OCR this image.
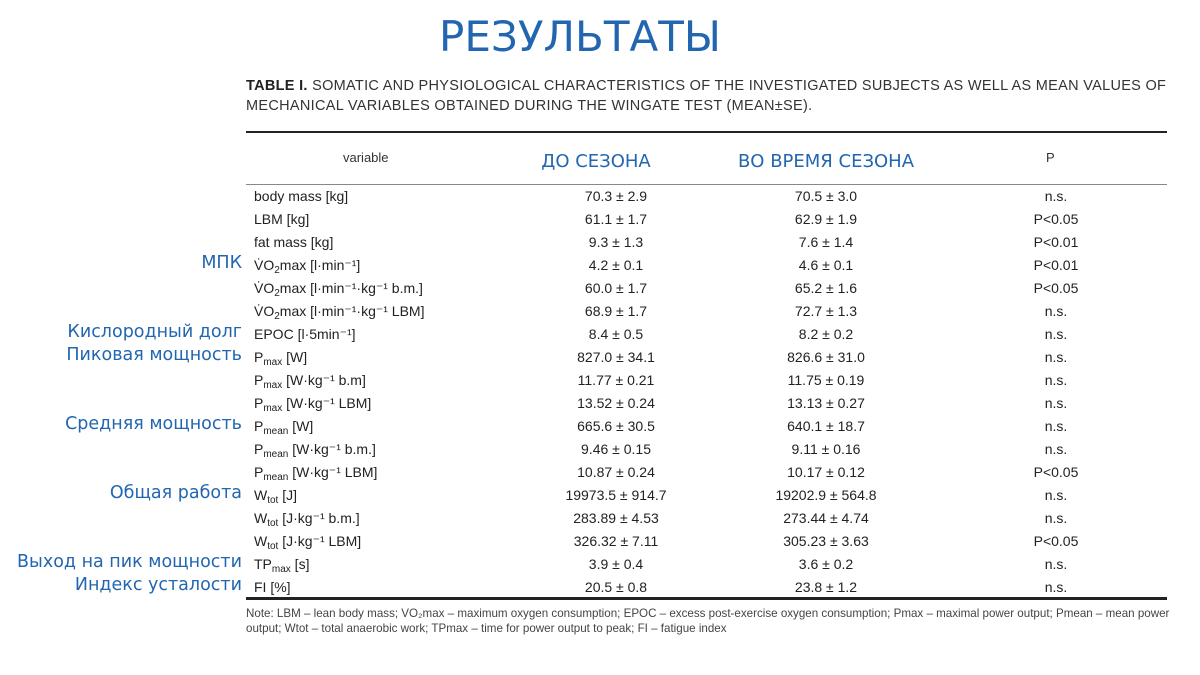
РЕЗУЛЬТАТЫ
TABLE I. SOMATIC AND PHYSIOLOGICAL CHARACTERISTICS OF THE INVESTIGATED SUBJECTS AS WELL AS MEAN VALUES OF MECHANICAL VARIABLES OBTAINED DURING THE WINGATE TEST (MEAN±SE).
variable	ДО СЕЗОНА	ВО ВРЕМЯ СЕЗОНА	P
body mass [kg]	70.3 ± 2.9	70.5 ± 3.0	n.s.
LBM [kg]	61.1 ± 1.7	62.9 ± 1.9	P<0.05
fat mass [kg]	9.3 ± 1.3	7.6 ± 1.4	P<0.01
$V̇O_2\max$ [l·min⁻¹]	4.2 ± 0.1	4.6 ± 0.1	P<0.01
$V̇O_2\max$ [l·min⁻¹·kg⁻¹ b.m.]	60.0 ± 1.7	65.2 ± 1.6	P<0.05
$V̇O_2\max$ [l·min⁻¹·kg⁻¹ LBM]	68.9 ± 1.7	72.7 ± 1.3	n.s.
EPOC [l·5min⁻¹]	8.4 ± 0.5	8.2 ± 0.2	n.s.
$P_{max}$ [W]	827.0 ± 34.1	826.6 ± 31.0	n.s.
$P_{max}$ [W·kg⁻¹ b.m]	11.77 ± 0.21	11.75 ± 0.19	n.s.
$P_{max}$ [W·kg⁻¹ LBM]	13.52 ± 0.24	13.13 ± 0.27	n.s.
$P_{mean}$ [W]	665.6 ± 30.5	640.1 ± 18.7	n.s.
$P_{mean}$ [W·kg⁻¹ b.m.]	9.46 ± 0.15	9.11 ± 0.16	n.s.
$P_{mean}$ [W·kg⁻¹ LBM]	10.87 ± 0.24	10.17 ± 0.12	P<0.05
$W_{tot}$ [J]	19973.5 ± 914.7	19202.9 ± 564.8	n.s.
$W_{tot}$ [J·kg⁻¹ b.m.]	283.89 ± 4.53	273.44 ± 4.74	n.s.
$W_{tot}$ [J·kg⁻¹ LBM]	326.32 ± 7.11	305.23 ± 3.63	P<0.05
$TP_{max}$ [s]	3.9 ± 0.4	3.6 ± 0.2	n.s.
FI [%]	20.5 ± 0.8	23.8 ± 1.2	n.s.
МПК
Кислородный долг
Пиковая мощность
Средняя мощность
Общая работа
Выход на пик мощности
Индекс усталости
Note: LBM – lean body mass; VO₂max – maximum oxygen consumption; EPOC – excess post-exercise oxygen consumption; Pmax – maximal power output; Pmean – mean power output; Wtot – total anaerobic work; TPmax – time for power output to peak; FI – fatigue index
